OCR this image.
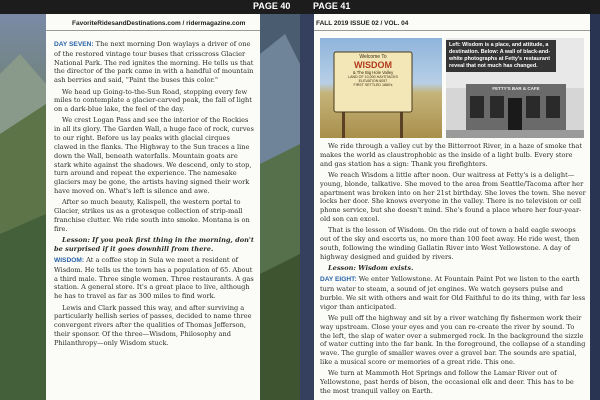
PAGE 40	PAGE 41
FavoriteRidesandDestinations.com / ridermagazine.com

DAY SEVEN: The next morning Don waylays a driver of one of the restored vintage tour buses that crisscross Glacier National Park. The red ignites the morning. He tells us that the director of the park came in with a handful of mountain ash berries and said, "Paint the buses this color."

We head up Going-to-the-Sun Road, stopping every few miles to contemplate a glacier-carved peak, the fall of light on a dark-blue lake, the feel of the day.

We crest Logan Pass and see the interior of the Rockies in all its glory. The Garden Wall, a huge face of rock, curves to our right. Before us lay peaks with glacial cirques clawed in the flanks. The Highway to the Sun traces a line down the Wall, beneath waterfalls. Mountain goats are stark white against the shadows. We descend, only to stop, turn around and repeat the experience. The namesake glaciers may be gone, the artists having signed their work have moved on. What's left is silence and awe.

After so much beauty, Kalispell, the western portal to Glacier, strikes us as a grotesque collection of strip-mall franchise clutter. We ride south into smoke. Montana is on fire.

Lesson: If you peak first thing in the morning, don't be surprised if it goes downhill from there.

WISDOM: At a coffee stop in Sula we meet a resident of Wisdom. He tells us the town has a population of 65. About a third male. Three single women. Three restaurants. A gas station. A general store. It's a great place to live, although he has to travel as far as 300 miles to find work.

Lewis and Clark passed this way, and after surviving a particularly hellish series of passes, decided to name three convergent rivers after the qualities of Thomas Jefferson, their sponsor. Of the three—Wisdom, Philosophy and Philanthropy—only Wisdom stuck.

FALL 2019 ISSUE 02 / VOL. 04
Welcome To
WISDOM
& The Big Hole Valley
LAND OF 10,000 HAYSTACKS
ELEVATION 6057
FIRST SETTLED 1880's
FETTY'S BAR & CAFE
Left: Wisdom is a place, and attitude, a destination. Below: A wall of black-and-white photographs at Fetty's restaurant reveal that not much has changed.

We ride through a valley cut by the Bitterroot River, in a haze of smoke that makes the world as claustrophobic as the inside of a light bulb. Every store and gas station has a sign: Thank you firefighters.

We reach Wisdom a little after noon. Our waitress at Fetty's is a delight—young, blonde, talkative. She moved to the area from Seattle/Tacoma after her apartment was broken into on her 21st birthday. She loves the town. She never locks her door. She knows everyone in the valley. There is no television or cell phone service, but she doesn't mind. She's found a place where her four-year-old son can excel.

That is the lesson of Wisdom. On the ride out of town a bald eagle swoops out of the sky and escorts us, no more than 100 feet away. He ride west, then south, following the winding Gallatin River into West Yellowstone. A day of highway designed and guided by rivers.

Lesson: Wisdom exists.

DAY EIGHT: We enter Yellowstone. At Fountain Paint Pot we listen to the earth turn water to steam, a sound of jet engines. We watch geysers pulse and burble. We sit with others and wait for Old Faithful to do its thing, with far less vigor than anticipated.

We pull off the highway and sit by a river watching fly fishermen work their way upstream. Close your eyes and you can re-create the river by sound. To the left, the slap of water over a submerged rock. In the background the sizzle of water cutting into the far bank. In the foreground, the collapse of a standing wave. The gurgle of smaller waves over a gravel bar. The sounds are spatial, like a musical score or memories of a great ride. This one.

We turn at Mammoth Hot Springs and follow the Lamar River out of Yellowstone, past herds of bison, the occasional elk and deer. This has to be the most tranquil valley on Earth.
